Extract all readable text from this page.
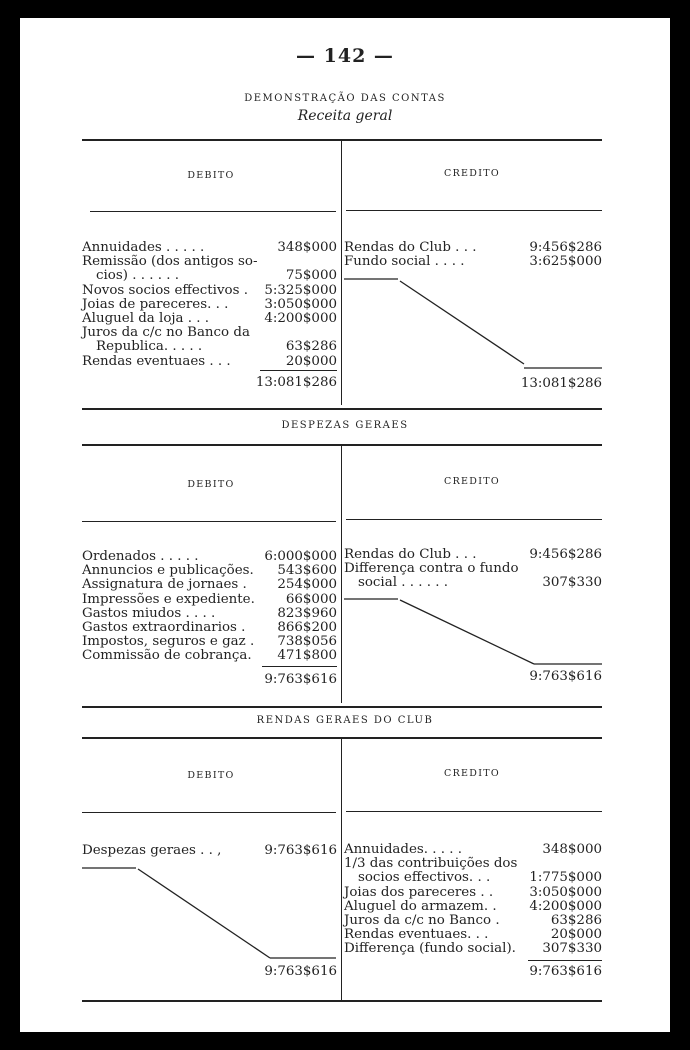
— 142 —
DEMONSTRAÇÃO DAS CONTAS
Receita geral
DEBITO	CREDITO
Annuidades . . . . .	348$000
Remissão (dos antigos so-
cios) . . . . . .	75$000
Novos socios effectivos . 5:325$000
Joias de pareceres. . .	3:050$000
Aluguel da loja . . .	4:200$000
Juros da c/c no Banco da
Republica. . . . .	63$286
Rendas eventuaes . . .	20$000
13:081$286
Rendas do Club . . .	9:456$286
Fundo social . . . .	3:625$000
13:081$286
DESPEZAS GERAES
DEBITO	CREDITO
Ordenados . . . . .	6:000$000
Annuncios e publicações. 543$600
Assignatura de jornaes . 254$000
Impressões e expediente. 66$000
Gastos miudos . . . .	823$960
Gastos extraordinarios . 866$200
Impostos, seguros e gaz . 738$056
Commissão de cobrança. 471$800
9:763$616
Rendas do Club . . .	9:456$286
Differença contra o fundo
social . . . . . .	307$330
9:763$616
RENDAS GERAES DO CLUB
DEBITO	CREDITO
Despezas geraes . . ,	9:763$616
9:763$616
Annuidades. . . . .	348$000
1/3 das contribuições dos
socios effectivos. . .	1:775$000
Joias dos pareceres . .	3:050$000
Aluguel do armazem. . 4:200$000
Juros da c/c no Banco .	63$286
Rendas eventuaes. . .	20$000
Differença (fundo social). 307$330
9:763$616
